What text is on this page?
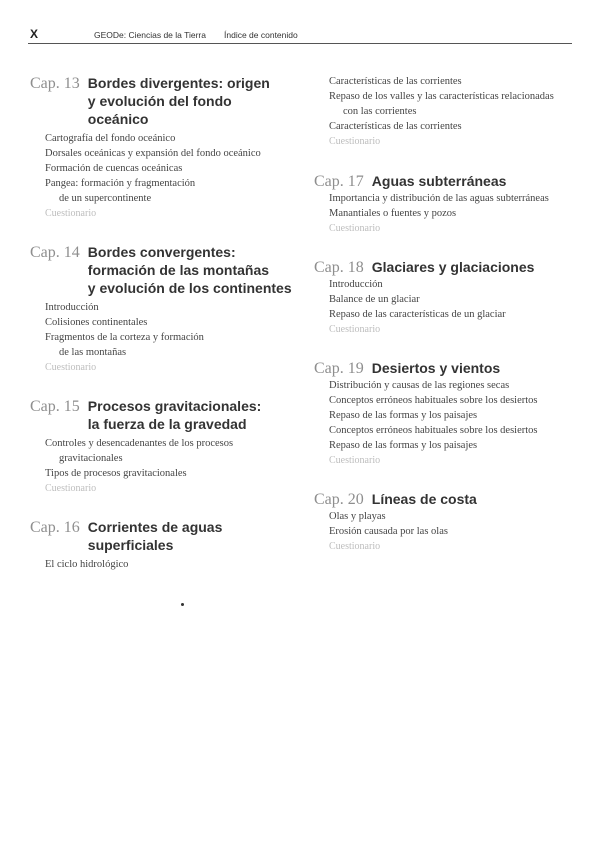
X	GEODe: Ciencias de la Tierra Índice de contenido
Cap. 13 Bordes divergentes: origen
y evolución del fondo oceánico
Cartografía del fondo oceánico
Dorsales oceánicas y expansión del fondo oceánico
Formación de cuencas oceánicas
Pangea: formación y fragmentación
de un supercontinente
Cuestionario
Cap. 14 Bordes convergentes:
formación de las montañas
y evolución de los continentes
Introducción
Colisiones continentales
Fragmentos de la corteza y formación
de las montañas
Cuestionario
Cap. 15 Procesos gravitacionales:
la fuerza de la gravedad
Controles y desencadenantes de los procesos
gravitacionales
Tipos de procesos gravitacionales
Cuestionario
Cap. 16 Corrientes de aguas
superficiales
El ciclo hidrológico
Características de las corrientes
Repaso de los valles y las características relacionadas
con las corrientes
Características de las corrientes
Cuestionario
Cap. 17 Aguas subterráneas
Importancia y distribución de las aguas subterráneas
Manantiales o fuentes y pozos
Cuestionario
Cap. 18 Glaciares y glaciaciones
Introducción
Balance de un glaciar
Repaso de las características de un glaciar
Cuestionario
Cap. 19 Desiertos y vientos
Distribución y causas de las regiones secas
Conceptos erróneos habituales sobre los desiertos
Repaso de las formas y los paisajes
Conceptos erróneos habituales sobre los desiertos
Repaso de las formas y los paisajes
Cuestionario
Cap. 20 Líneas de costa
Olas y playas
Erosión causada por las olas
Cuestionario
